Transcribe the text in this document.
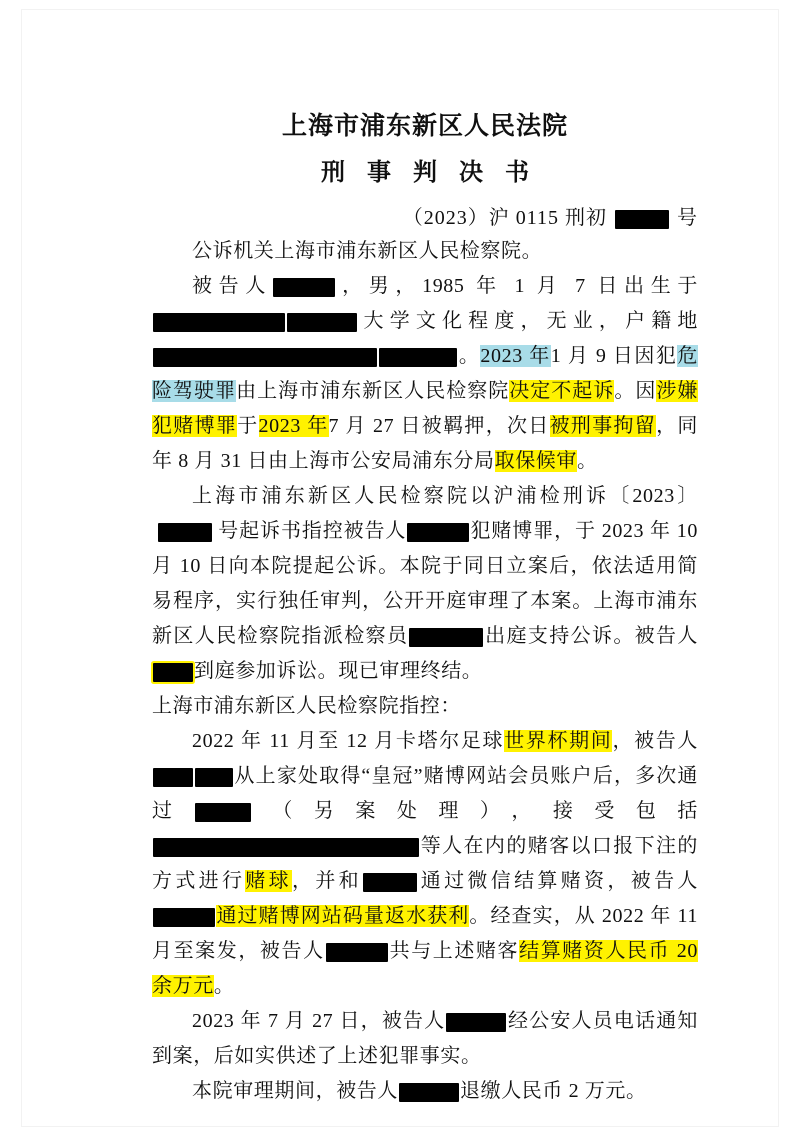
上海市浦东新区人民法院
刑 事 判 决 书
（2023）沪 0115 刑初	号

公诉机关上海市浦东新区人民检察院。

被告人	，男，1985 年 1 月 7 日出生于大学文化程度，无业，户籍地。2023 年1 月 9 日因犯危险驾驶罪由上海市浦东新区人民检察院决定不起诉。因涉嫌犯赌博罪于2023 年7 月 27 日被羁押，次日被刑事拘留，同年 8 月 31 日由上海市公安局浦东分局取保候审。

上海市浦东新区人民检察院以沪浦检刑诉〔2023〕号起诉书指控被告人	犯赌博罪，于 2023 年 10 月 10 日向本院提起公诉。本院于同日立案后，依法适用简易程序，实行独任审判，公开开庭审理了本案。上海市浦东新区人民检察院指派检察员	出庭支持公诉。被告人到庭参加诉讼。现已审理终结。

上海市浦东新区人民检察院指控：

2022 年 11 月至 12 月卡塔尔足球世界杯期间，被告人从上家处取得“皇冠”赌博网站会员账户后，多次通过	（另案处理），接受包括等人在内的赌客以口报下注的方式进行赌球，并和	通过微信结算赌资，被告人通过赌博网站码量返水获利。经查实，从 2022 年 11 月至案发，被告人	共与上述赌客结算赌资人民币 20 余万元。

2023 年 7 月 27 日，被告人	经公安人员电话通知到案，后如实供述了上述犯罪事实。

本院审理期间，被告人	退缴人民币 2 万元。
